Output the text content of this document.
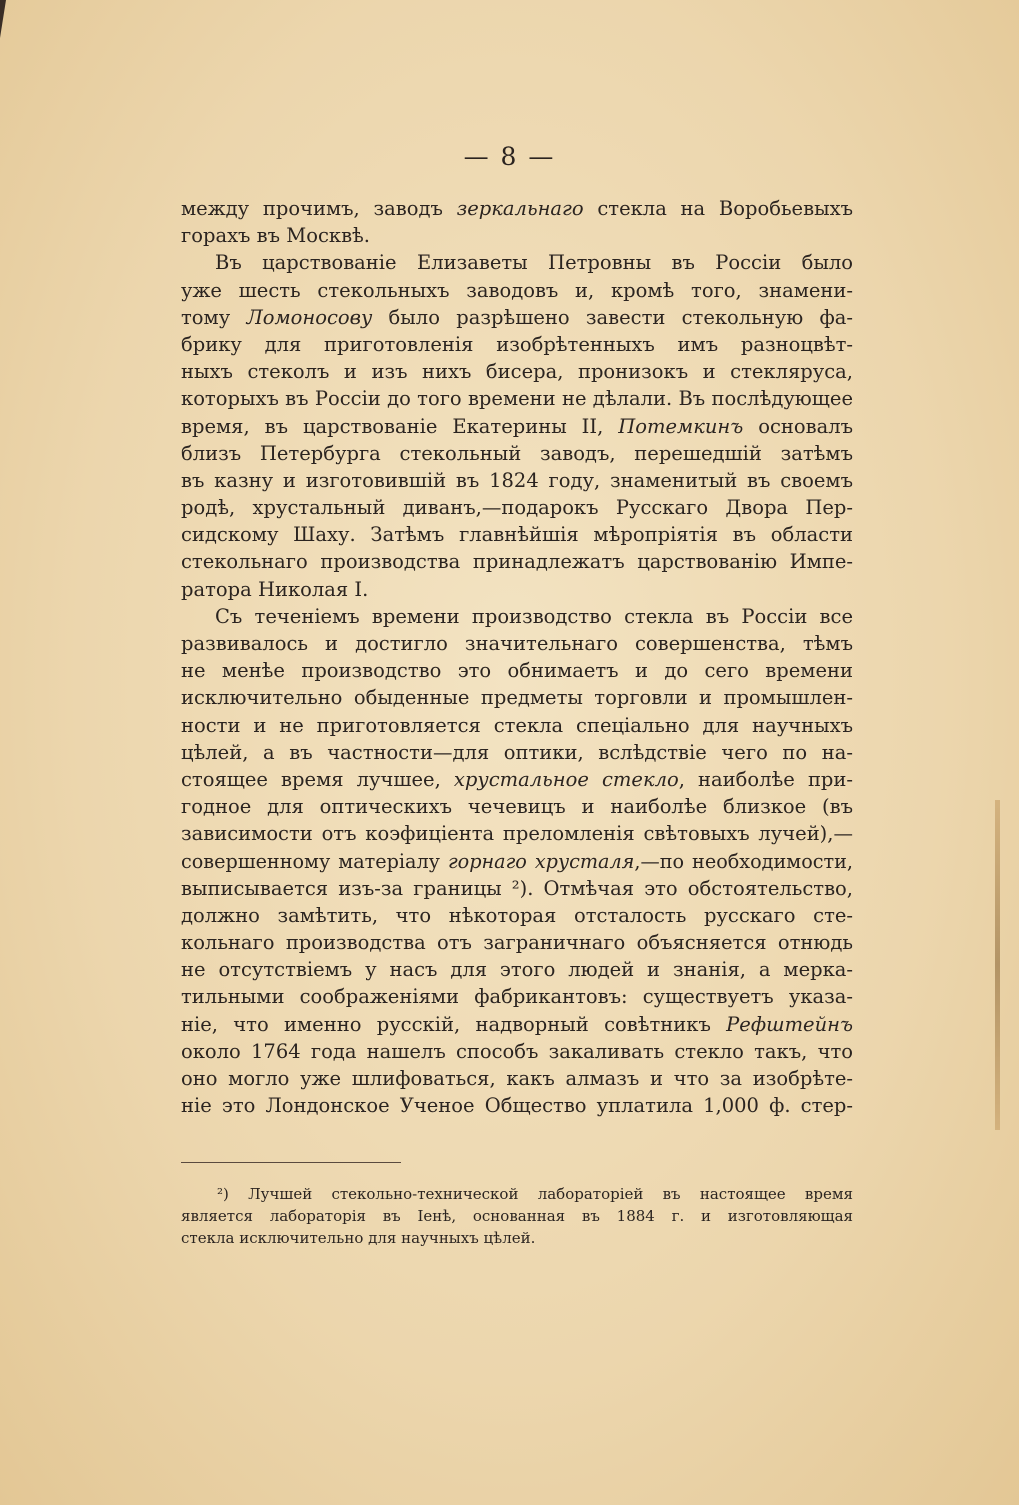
— 8 —
между прочимъ, заводъ зеркальнаго стекла на Воробьевыхъ
горахъ въ Москвѣ.
Въ царствованіе Елизаветы Петровны въ Россіи было
уже шесть стекольныхъ заводовъ и, кромѣ того, знамени-
тому Ломоносову было разрѣшено завести стекольную фа-
брику для приготовленія изобрѣтенныхъ имъ разноцвѣт-
ныхъ стеколъ и изъ нихъ бисера, пронизокъ и стекляруса,
которыхъ въ Россіи до того времени не дѣлали. Въ послѣдующее
время, въ царствованіе Екатерины II, Потемкинъ основалъ
близъ Петербурга стекольный заводъ, перешедшій затѣмъ
въ казну и изготовившій въ 1824 году, знаменитый въ своемъ
родѣ, хрустальный диванъ,—подарокъ Русскаго Двора Пер-
сидскому Шаху. Затѣмъ главнѣйшія мѣропріятія въ области
стекольнаго производства принадлежатъ царствованію Импе-
ратора Николая I.
Съ теченіемъ времени производство стекла въ Россіи все
развивалось и достигло значительнаго совершенства, тѣмъ
не менѣе производство это обнимаетъ и до сего времени
исключительно обыденные предметы торговли и промышлен-
ности и не приготовляется стекла спеціально для научныхъ
цѣлей, а въ частности—для оптики, вслѣдствіе чего по на-
стоящее время лучшее, хрустальное стекло, наиболѣе при-
годное для оптическихъ чечевицъ и наиболѣе близкое (въ
зависимости отъ коэфиціента преломленія свѣтовыхъ лучей),—
совершенному матеріалу горнаго хрусталя,—по необходимости,
выписывается изъ-за границы ²). Отмѣчая это обстоятельство,
должно замѣтить, что нѣкоторая отсталость русскаго сте-
кольнаго производства отъ заграничнаго объясняется отнюдь
не отсутствіемъ у насъ для этого людей и знанія, а мерка-
тильными соображеніями фабрикантовъ: существуетъ указа-
ніе, что именно русскій, надворный совѣтникъ Рефштейнъ
около 1764 года нашелъ способъ закаливать стекло такъ, что
оно могло уже шлифоваться, какъ алмазъ и что за изобрѣте-
ніе это Лондонское Ученое Общество уплатила 1,000 ф. стер-
²) Лучшей стекольно-технической лабораторіей въ настоящее время
является лабораторія въ Іенѣ, основанная въ 1884 г. и изготовляющая
стекла исключительно для научныхъ цѣлей.
